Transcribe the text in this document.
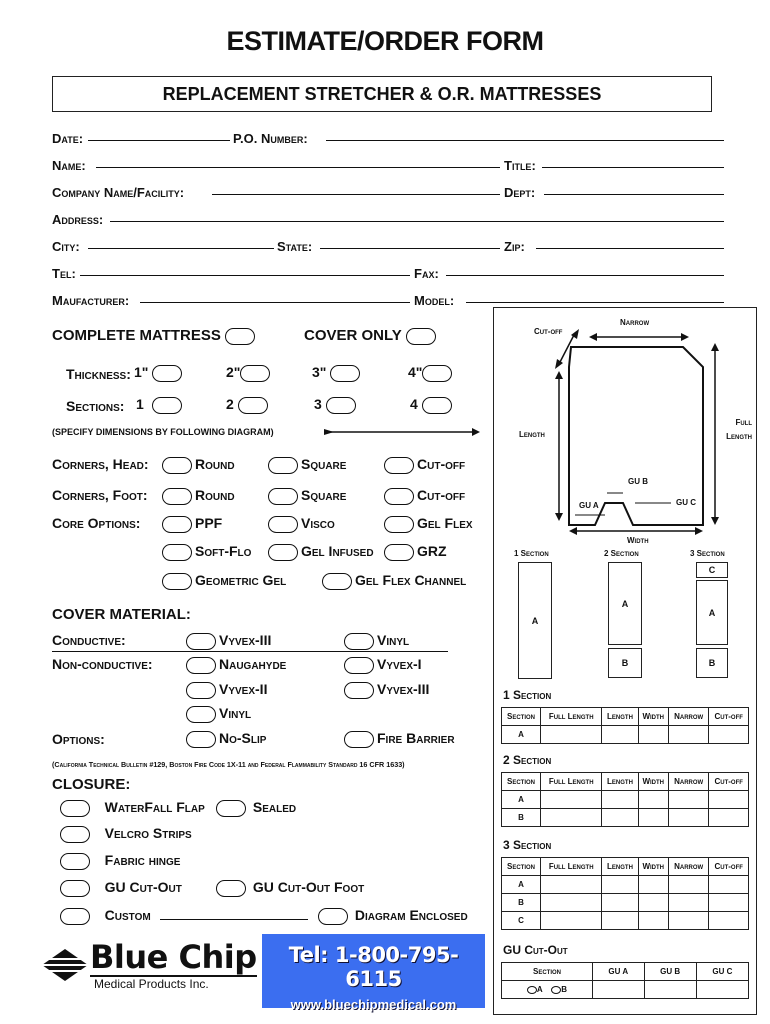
ESTIMATE/ORDER FORM
REPLACEMENT STRETCHER & O.R. MATTRESSES
Date:	P.O. Number:
Name:	Title:
Company Name/Facility:	Dept:
Address:
City:	State:	Zip:
Tel:	Fax:
Maufacturer:	Model:
COMPLETE MATTRESS	COVER ONLY
Thickness: 1"	2"	3"	4"
Sections: 1	2	3	4
(SPECIFY DIMENSIONS BY FOLLOWING DIAGRAM)
Corners, Head:	Round	Square	Cut-off
Corners, Foot:	Round	Square	Cut-off
Core Options:	PPF	Visco	Gel Flex
Soft-Flo	Gel Infused	GRZ
Geometric Gel	Gel Flex Channel
COVER MATERIAL:
Conductive:	Vyvex-III	Vinyl
Non-conductive:	Naugahyde	Vyvex-I
Vyvex-II	Vyvex-III
Vinyl
Options:	No-Slip	Fire Barrier
(California Technical Bulletin #129, Boston Fire Code 1X-11 and Federal Flammability Standard 16 CFR 1633)
CLOSURE:
WaterFall Flap	Sealed
Velcro Strips
Fabric hinge
GU Cut-Out	GU Cut-Out Foot
Custom	Diagram Enclosed
Blue Chip
Medical Products Inc.
Tel: 1-800-795-6115
www.bluechipmedical.com
Cut-off
Narrow
Length
Full Length
Width
GU A
GU B
GU C
1 Section	2 Section	3 Section
A
A
B
C
A
B
1 Section
Section	Full Length	Length	Width	Narrow	Cut-off
A					
2 Section
Section	Full Length	Length	Width	Narrow	Cut-off
A					
B					
3 Section
Section	Full Length	Length	Width	Narrow	Cut-off
A					
B					
C					
GU Cut-Out
Section	GU A	GU B	GU C
A B			
